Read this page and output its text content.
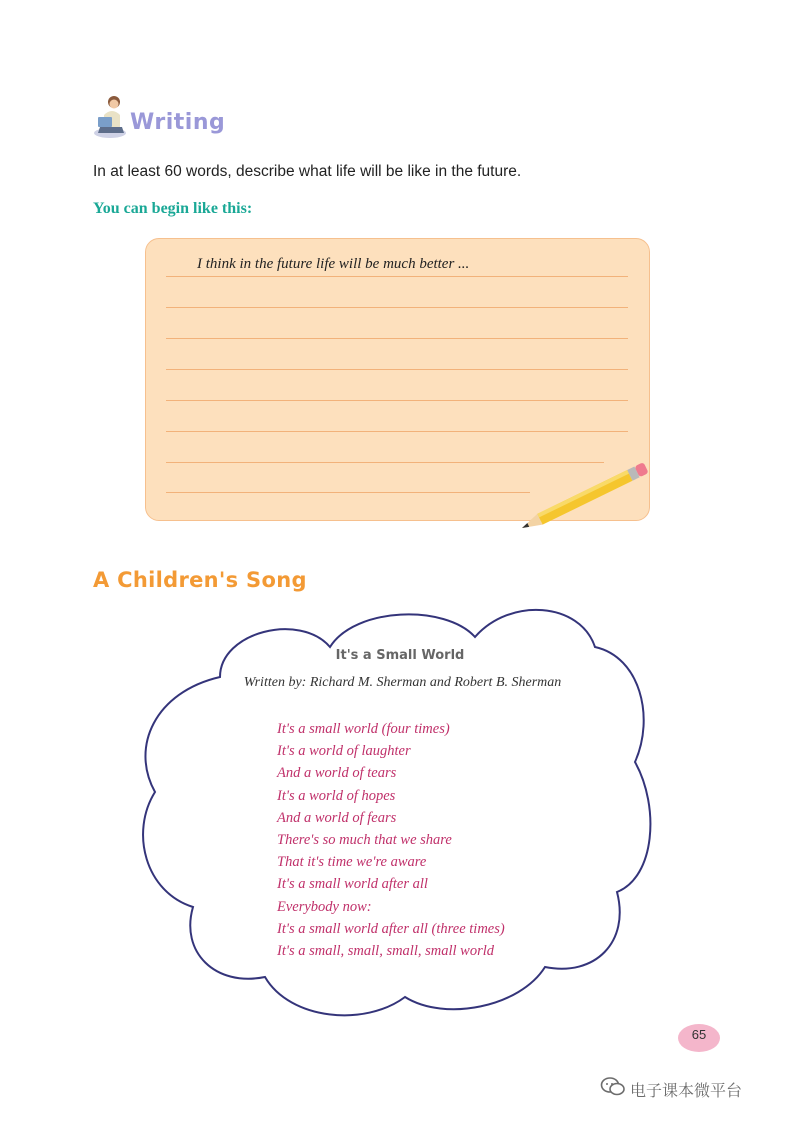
Writing
In at least 60 words, describe what life will be like in the future.
You can begin like this:
I think in the future life will be much better ...
A Children's Song
It's a Small World
Written by: Richard M. Sherman and Robert B. Sherman
It's a small world (four times)
It's a world of laughter
And a world of tears
It's a world of hopes
And a world of fears
There's so much that we share
That it's time we're aware
It's a small world after all
Everybody now:
It's a small world after all (three times)
It's a small, small, small, small world
65
电子课本微平台
